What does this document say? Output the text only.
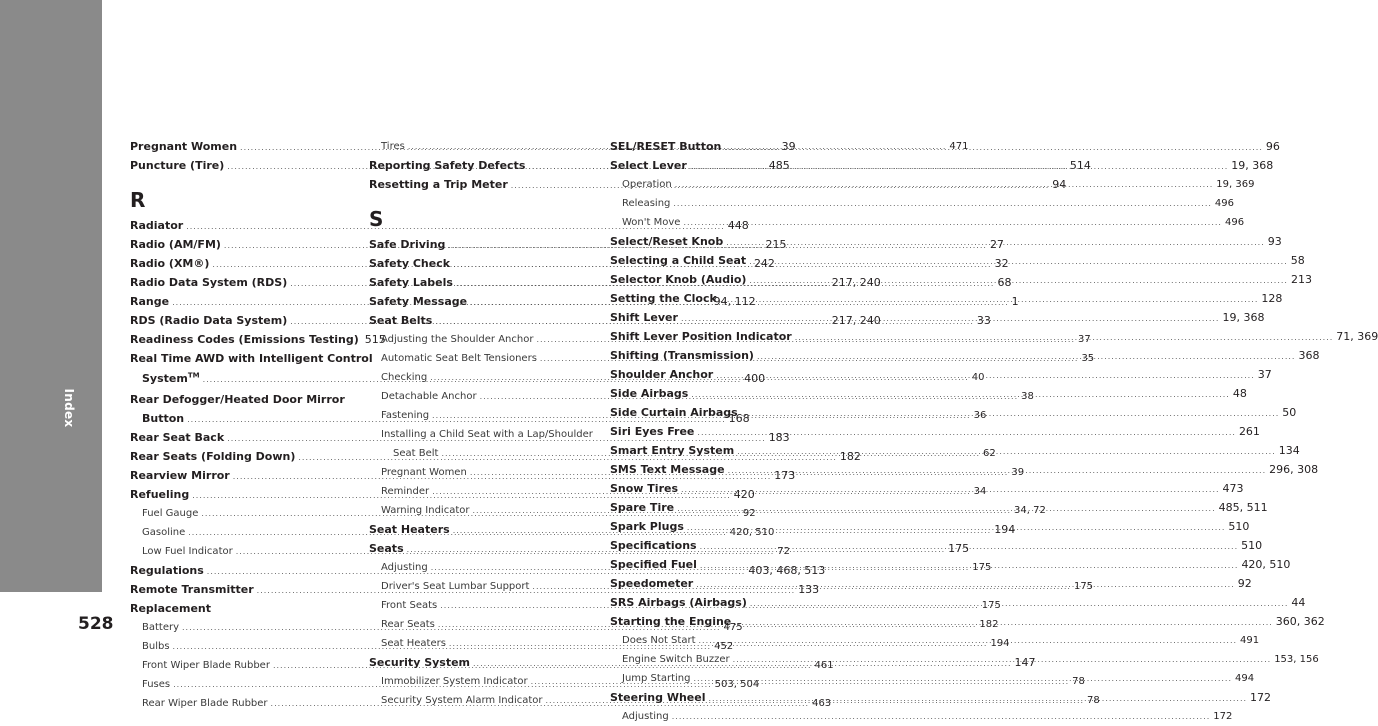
Index
528
Pregnant Women .....	39
Puncture (Tire) .....	485
R
Radiator .....	448
Radio (AM/FM) .....	215
Radio (XM®) .....	242
Radio Data System (RDS) .....	217, 240
Range .....	94, 112
RDS (Radio Data System) .....	217, 240
Readiness Codes (Emissions Testing) 515
Real Time AWD with Intelligent Control
System™ .....	400
Rear Defogger/Heated Door Mirror
Button .....	168
Rear Seat Back .....	183
Rear Seats (Folding Down) .....	182
Rearview Mirror .....	173
Refueling .....	420
Fuel Gauge .....	92
Gasoline .....	420, 510
Low Fuel Indicator .....	72
Regulations .....	403, 468, 513
Remote Transmitter .....	133
Replacement
Battery .....	475
Bulbs .....	452
Front Wiper Blade Rubber .....	461
Fuses .....	503, 504
Rear Wiper Blade Rubber .....	463
Tires .....	471
Reporting Safety Defects .....	514
Resetting a Trip Meter .....	94
S
Safe Driving .....	27
Safety Check .....	32
Safety Labels .....	68
Safety Message .....	1
Seat Belts .....	33
Adjusting the Shoulder Anchor .....	37
Automatic Seat Belt Tensioners .....	35
Checking .....	40
Detachable Anchor .....	38
Fastening .....	36
Installing a Child Seat with a Lap/Shoulder
Seat Belt .....	62
Pregnant Women .....	39
Reminder .....	34
Warning Indicator .....	34, 72
Seat Heaters .....	194
Seats .....	175
Adjusting .....	175
Driver's Seat Lumbar Support .....	175
Front Seats .....	175
Rear Seats .....	182
Seat Heaters .....	194
Security System .....	147
Immobilizer System Indicator .....	78
Security System Alarm Indicator .....	78
SEL/RESET Button .....	96
Select Lever .....	19, 368
Operation .....	19, 369
Releasing .....	496
Won't Move .....	496
Select/Reset Knob .....	93
Selecting a Child Seat .....	58
Selector Knob (Audio) .....	213
Setting the Clock .....	128
Shift Lever .....	19, 368
Shift Lever Position Indicator .....	71, 369
Shifting (Transmission) .....	368
Shoulder Anchor .....	37
Side Airbags .....	48
Side Curtain Airbags .....	50
Siri Eyes Free .....	261
Smart Entry System .....	134
SMS Text Message .....	296, 308
Snow Tires .....	473
Spare Tire .....	485, 511
Spark Plugs .....	510
Specifications .....	510
Specified Fuel .....	420, 510
Speedometer .....	92
SRS Airbags (Airbags) .....	44
Starting the Engine .....	360, 362
Does Not Start .....	491
Engine Switch Buzzer .....	153, 156
Jump Starting .....	494
Steering Wheel .....	172
Adjusting .....	172
